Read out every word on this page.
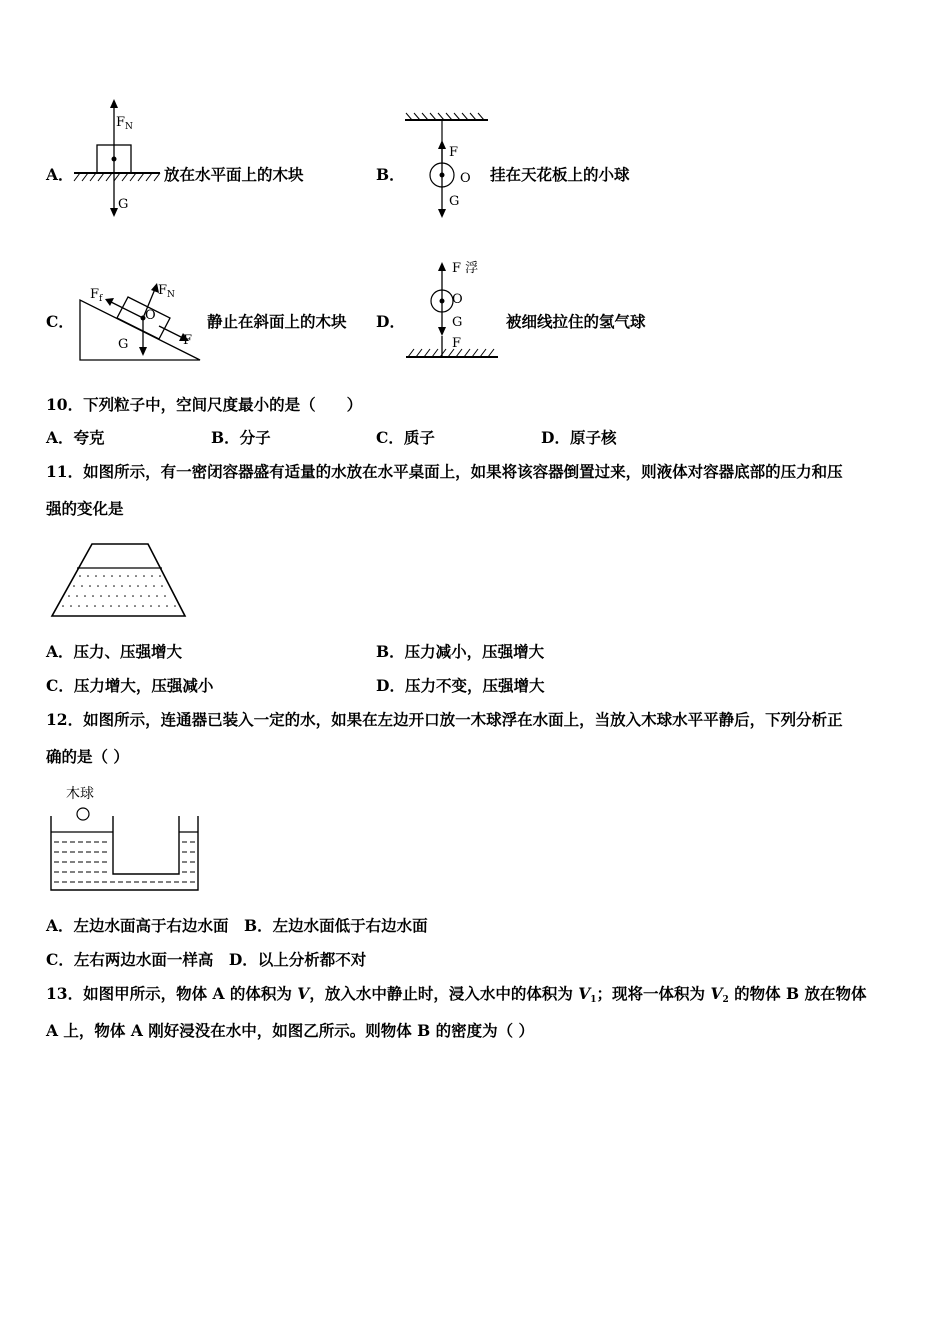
A．
$F_N$
G
放在水平面上的木块	B．
F
O
G
挂在天花板上的小球
C．
$F_f$
$F_N$
O
G	F
静止在斜面上的木块 D．
F 浮
O
G
F
被细线拉住的氢气球
10．下列粒子中，空间尺度最小的是（　　）
A．夸克	B．分子	C．质子	D．原子核
11．如图所示，有一密闭容器盛有适量的水放在水平桌面上，如果将该容器倒置过来，则液体对容器底部的压力和压
强的变化是
A．压力、压强增大	B．压力减小，压强增大
C．压力增大，压强减小	D．压力不变，压强增大
12．如图所示，连通器已装入一定的水，如果在左边开口放一木球浮在水面上，当放入木球水平平静后，下列分析正
确的是（ ）
木球
A．左边水面高于右边水面　B．左边水面低于右边水面
C．左右两边水面一样高　D．以上分析都不对
13．如图甲所示，物体 A 的体积为 V，放入水中静止时，浸入水中的体积为 V1；现将一体积为 V2 的物体 B 放在物体
A 上，物体 A 刚好浸没在水中，如图乙所示。则物体 B 的密度为（ ）
